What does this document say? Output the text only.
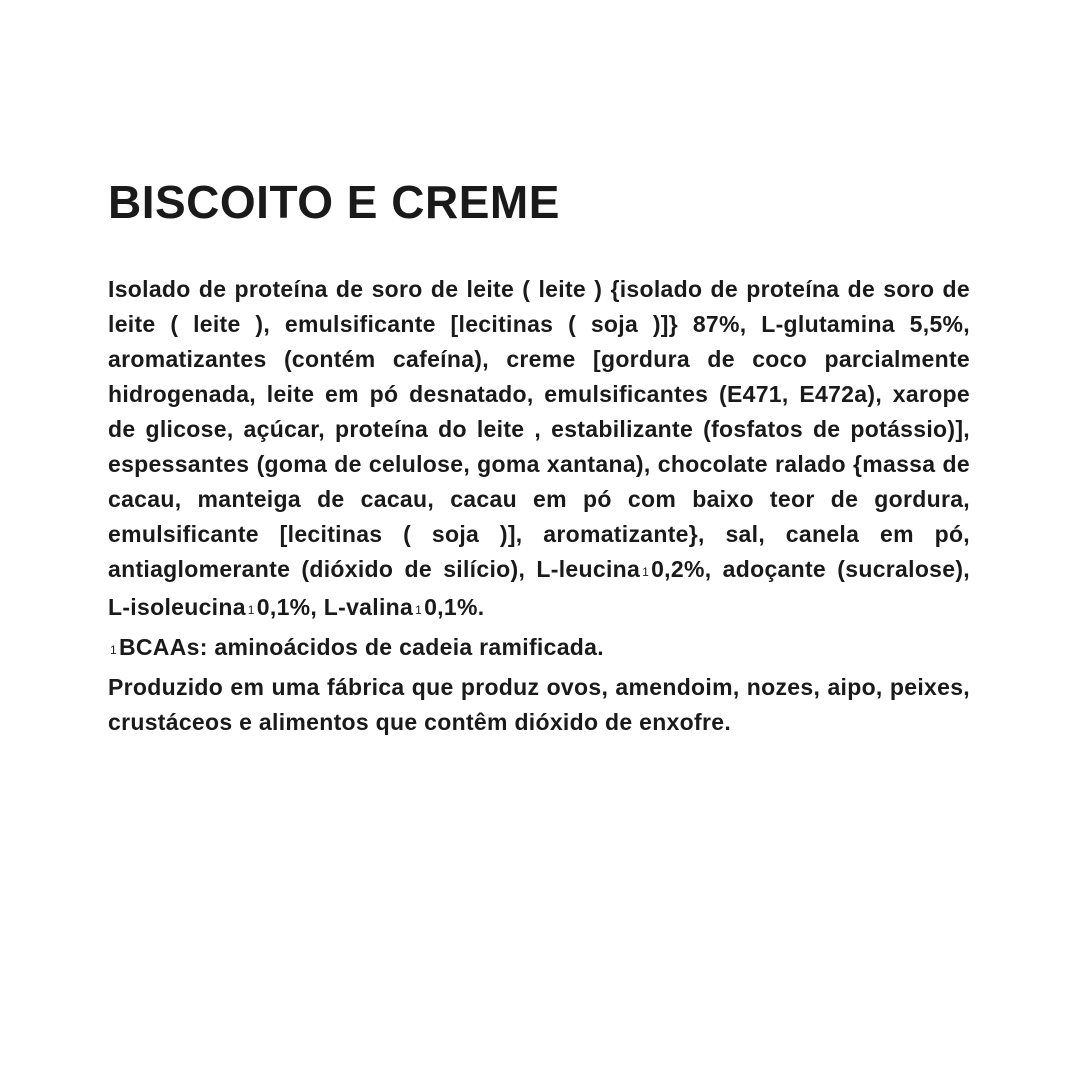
BISCOITO E CREME

Isolado de proteína de soro de leite ( leite ) {isolado de proteína de soro de leite ( leite ), emulsificante [lecitinas ( soja )]} 87%, L-glutamina 5,5%, aromatizantes (contém cafeína), creme [gordura de coco parcialmente hidrogenada, leite em pó desnatado, emulsificantes (E471, E472a), xarope de glicose, açúcar, proteína do leite , estabilizante (fosfatos de potássio)], espessantes (goma de celulose, goma xantana), chocolate ralado {massa de cacau, manteiga de cacau, cacau em pó com baixo teor de gordura, emulsificante [lecitinas ( soja )], aromatizante}, sal, canela em pó, antiaglomerante (dióxido de silício), L-leucina 10,2%, adoçante (sucralose), L-isoleucina 10,1%, L-valina 10,1%.

1BCAAs: aminoácidos de cadeia ramificada.

Produzido em uma fábrica que produz ovos, amendoim, nozes, aipo, peixes, crustáceos e alimentos que contêm dióxido de enxofre.
